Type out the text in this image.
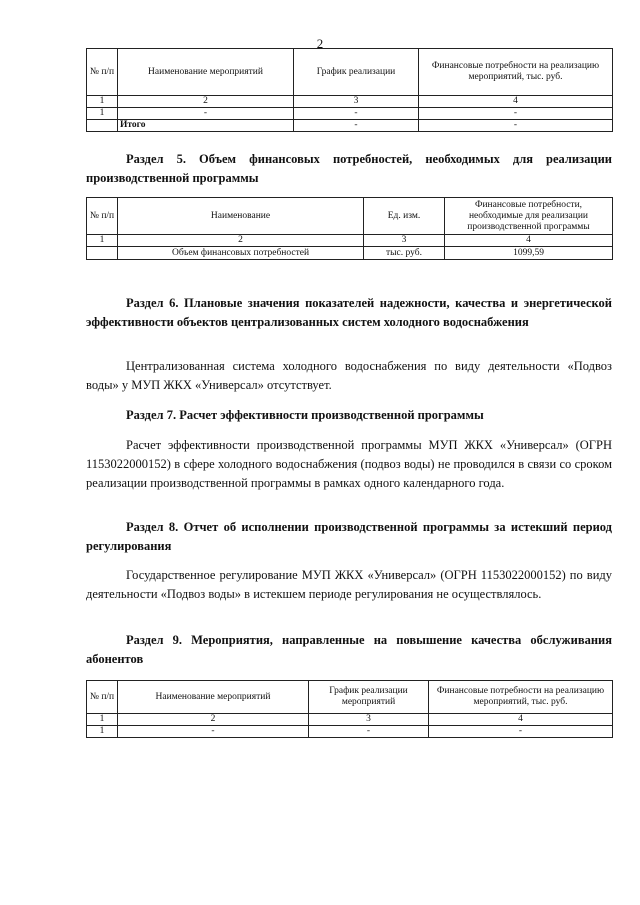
2
№ п/п	Наименование мероприятий	График реализации	Финансовые потребности на реализацию мероприятий, тыс. руб.
1	2	3	4
1	-	-	-
	Итого	-	-
Раздел 5. Объем финансовых потребностей, необходимых для реализации производственной программы
№ п/п	Наименование	Ед. изм.	Финансовые потребности, необходимые для реализации производственной программы
1	2	3	4
	Объем финансовых потребностей	тыс. руб.	1099,59
Раздел 6. Плановые значения показателей надежности, качества и энергетической эффективности объектов централизованных систем холодного водоснабжения
Централизованная система холодного водоснабжения по виду деятельности «Подвоз воды» у МУП ЖКХ «Универсал» отсутствует.
Раздел 7. Расчет эффективности производственной программы
Расчет эффективности производственной программы МУП ЖКХ «Универсал» (ОГРН 1153022000152) в сфере холодного водоснабжения (подвоз воды) не проводился в связи со сроком реализации производственной программы в рамках одного календарного года.
Раздел 8. Отчет об исполнении производственной программы за истекший период регулирования
Государственное регулирование МУП ЖКХ «Универсал» (ОГРН 1153022000152) по виду деятельности «Подвоз воды» в истекшем периоде регулирования не осуществлялось.
Раздел 9. Мероприятия, направленные на повышение качества обслуживания абонентов
№ п/п	Наименование мероприятий	График реализации мероприятий	Финансовые потребности на реализацию мероприятий, тыс. руб.
1	2	3	4
1	-	-	-
